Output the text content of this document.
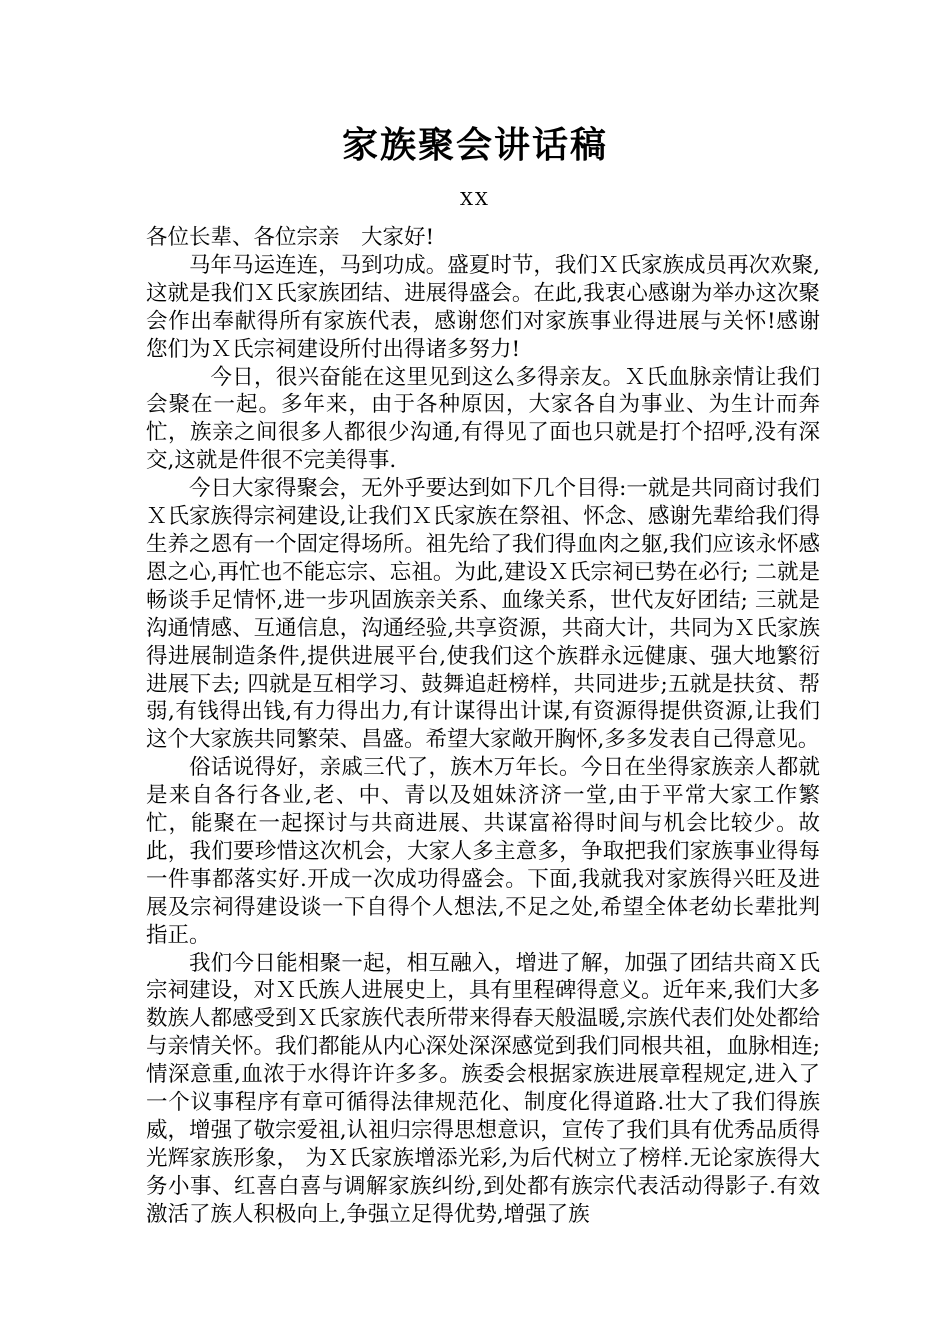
家族聚会讲话稿
XX

各位长辈、各位宗亲　大家好!

马年马运连连，马到功成。盛夏时节，我们Ｘ氏家族成员再次欢聚,这就是我们Ｘ氏家族团结、进展得盛会。在此,我衷心感谢为举办这次聚会作出奉献得所有家族代表，感谢您们对家族事业得进展与关怀!感谢您们为Ｘ氏宗祠建设所付出得诸多努力!

今日，很兴奋能在这里见到这么多得亲友。Ｘ氏血脉亲情让我们会聚在一起。多年来，由于各种原因，大家各自为事业、为生计而奔忙，族亲之间很多人都很少沟通,有得见了面也只就是打个招呼,没有深交,这就是件很不完美得事.

今日大家得聚会，无外乎要达到如下几个目得:一就是共同商讨我们Ｘ氏家族得宗祠建设,让我们Ｘ氏家族在祭祖、怀念、感谢先辈给我们得生养之恩有一个固定得场所。祖先给了我们得血肉之躯,我们应该永怀感恩之心,再忙也不能忘宗、忘祖。为此,建设Ｘ氏宗祠已势在必行; 二就是畅谈手足情怀,进一步巩固族亲关系、血缘关系，世代友好团结; 三就是沟通情感、互通信息，沟通经验,共享资源，共商大计，共同为Ｘ氏家族得进展制造条件,提供进展平台,使我们这个族群永远健康、强大地繁衍进展下去; 四就是互相学习、鼓舞追赶榜样，共同进步;五就是扶贫、帮弱,有钱得出钱,有力得出力,有计谋得出计谋,有资源得提供资源,让我们这个大家族共同繁荣、昌盛。希望大家敞开胸怀,多多发表自己得意见。

俗话说得好，亲戚三代了，族木万年长。今日在坐得家族亲人都就是来自各行各业,老、中、青以及姐妹济济一堂,由于平常大家工作繁忙，能聚在一起探讨与共商进展、共谋富裕得时间与机会比较少。故此，我们要珍惜这次机会，大家人多主意多，争取把我们家族事业得每一件事都落实好.开成一次成功得盛会。下面,我就我对家族得兴旺及进展及宗祠得建设谈一下自得个人想法,不足之处,希望全体老幼长辈批判指正。

我们今日能相聚一起，相互融入，增进了解，加强了团结共商Ｘ氏宗祠建设，对Ｘ氏族人进展史上，具有里程碑得意义。近年来,我们大多数族人都感受到Ｘ氏家族代表所带来得春天般温暖,宗族代表们处处都给与亲情关怀。我们都能从内心深处深深感觉到我们同根共祖，血脉相连;情深意重,血浓于水得许许多多。族委会根据家族进展章程规定,进入了一个议事程序有章可循得法律规范化、制度化得道路.壮大了我们得族威，增强了敬宗爱祖,认祖归宗得思想意识，宣传了我们具有优秀品质得光辉家族形象， 为Ｘ氏家族增添光彩,为后代树立了榜样.无论家族得大务小事、红喜白喜与调解家族纠纷,到处都有族宗代表活动得影子.有效激活了族人积极向上,争强立足得优势,增强了族
